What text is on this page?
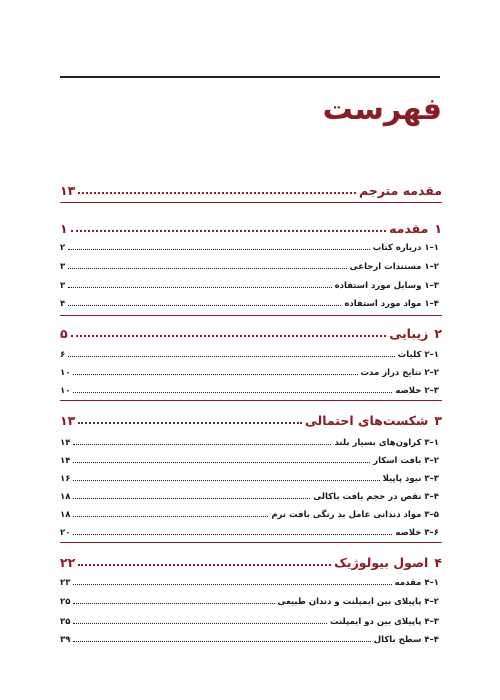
فهرست
مقدمه مترجم
۱۳
۱
مقدمه
۱
۱–۱ درباره کتاب
۲
۲–۱ مستندات ارجاعی
۳
۳–۱ وسایل مورد استفاده
۳
۴–۱ مواد مورد استفاده
۴
۲
زیبایی
۵
۱–۲ کلیات
۶
۲–۲ نتایج دراز مدت
۱۰
۳–۲ خلاصه
۱۰
۳
شکست‌های احتمالی
۱۳
۱–۳ کراون‌های بسیار بلند
۱۴
۲–۳ بافت اسکار
۱۴
۳–۳ نبود پاپیلا
۱۶
۴–۳ نقص در حجم بافت باکالی
۱۸
۵–۳ مواد دندانی عامل بد رنگی بافت نرم
۱۸
۶–۳ خلاصه
۲۰
۴
اصول بیولوژیک
۲۲
۱–۴ مقدمه
۲۳
۲–۴ پاپیلای بین ایمپلنت و دندان طبیعی
۲۵
۳–۴ پاپیلای بین دو ایمپلنت
۳۵
۴–۴ سطح باکال
۳۹
